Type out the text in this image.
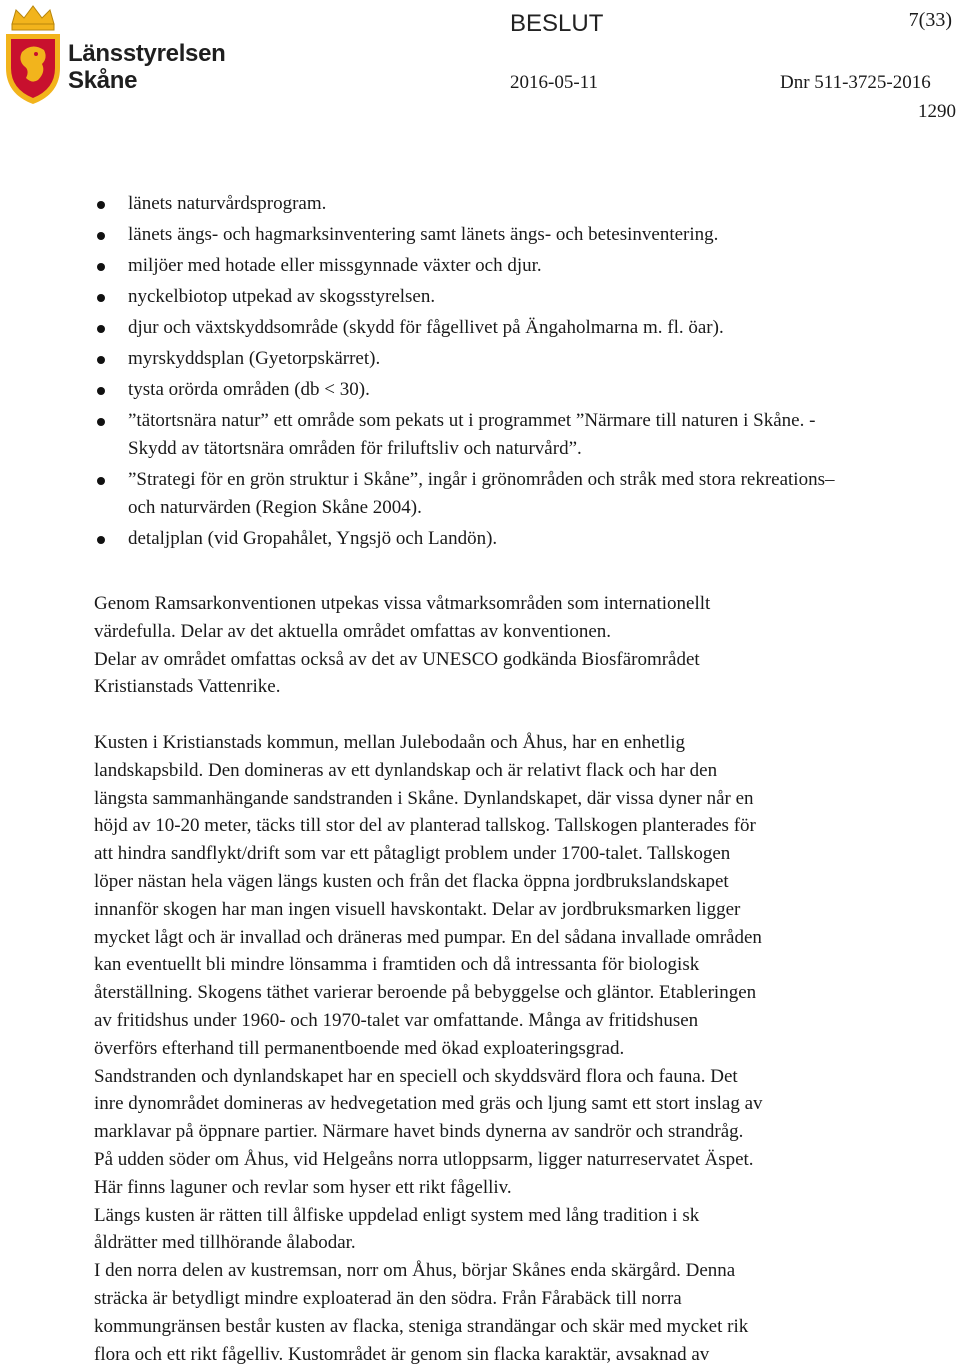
Länsstyrelsen
Skåne
BESLUT	7(33)
2016-05-11	Dnr 511-3725-2016
1290
länets naturvårdsprogram.
länets ängs- och hagmarksinventering samt länets ängs- och betesinventering.
miljöer med hotade eller missgynnade växter och djur.
nyckelbiotop utpekad av skogsstyrelsen.
djur och växtskyddsområde (skydd för fågellivet på Ängaholmarna m. fl. öar).
myrskyddsplan (Gyetorpskärret).
tysta orörda områden (db < 30).
”tätortsnära natur” ett område som pekats ut i programmet ”Närmare till naturen i Skåne. - Skydd av tätortsnära områden för friluftsliv och naturvård”.
”Strategi för en grön struktur i Skåne”, ingår i grönområden och stråk med stora rekreations– och naturvärden (Region Skåne 2004).
detaljplan (vid Gropahålet, Yngsjö och Landön).
Genom Ramsarkonventionen utpekas vissa våtmarksområden som internationellt
värdefulla. Delar av det aktuella området omfattas av konventionen.
Delar av området omfattas också av det av UNESCO godkända Biosfärområdet
Kristianstads Vattenrike.
Kusten i Kristianstads kommun, mellan Julebodaån och Åhus, har en enhetlig
landskapsbild. Den domineras av ett dynlandskap och är relativt flack och har den
längsta sammanhängande sandstranden i Skåne. Dynlandskapet, där vissa dyner når en
höjd av 10-20 meter, täcks till stor del av planterad tallskog. Tallskogen planterades för
att hindra sandflykt/drift som var ett påtagligt problem under 1700-talet. Tallskogen
löper nästan hela vägen längs kusten och från det flacka öppna jordbrukslandskapet
innanför skogen har man ingen visuell havskontakt. Delar av jordbruksmarken ligger
mycket lågt och är invallad och dräneras med pumpar. En del sådana invallade områden
kan eventuellt bli mindre lönsamma i framtiden och då intressanta för biologisk
återställning. Skogens täthet varierar beroende på bebyggelse och gläntor. Etableringen
av fritidshus under 1960- och 1970-talet var omfattande. Många av fritidshusen
överförs efterhand till permanentboende med ökad exploateringsgrad.
Sandstranden och dynlandskapet har en speciell och skyddsvärd flora och fauna. Det
inre dynområdet domineras av hedvegetation med gräs och ljung samt ett stort inslag av
marklavar på öppnare partier. Närmare havet binds dynerna av sandrör och strandråg.
På udden söder om Åhus, vid Helgeåns norra utloppsarm, ligger naturreservatet Äspet.
Här finns laguner och revlar som hyser ett rikt fågelliv.
Längs kusten är rätten till ålfiske uppdelad enligt system med lång tradition i sk
åldrätter med tillhörande ålabodar.
I den norra delen av kustremsan, norr om Åhus, börjar Skånes enda skärgård. Denna
sträcka är betydligt mindre exploaterad än den södra. Från Fårabäck till norra
kommungränsen består kusten av flacka, steniga strandängar och skär med mycket rik
flora och ett rikt fågelliv. Kustområdet är genom sin flacka karaktär, avsaknad av
